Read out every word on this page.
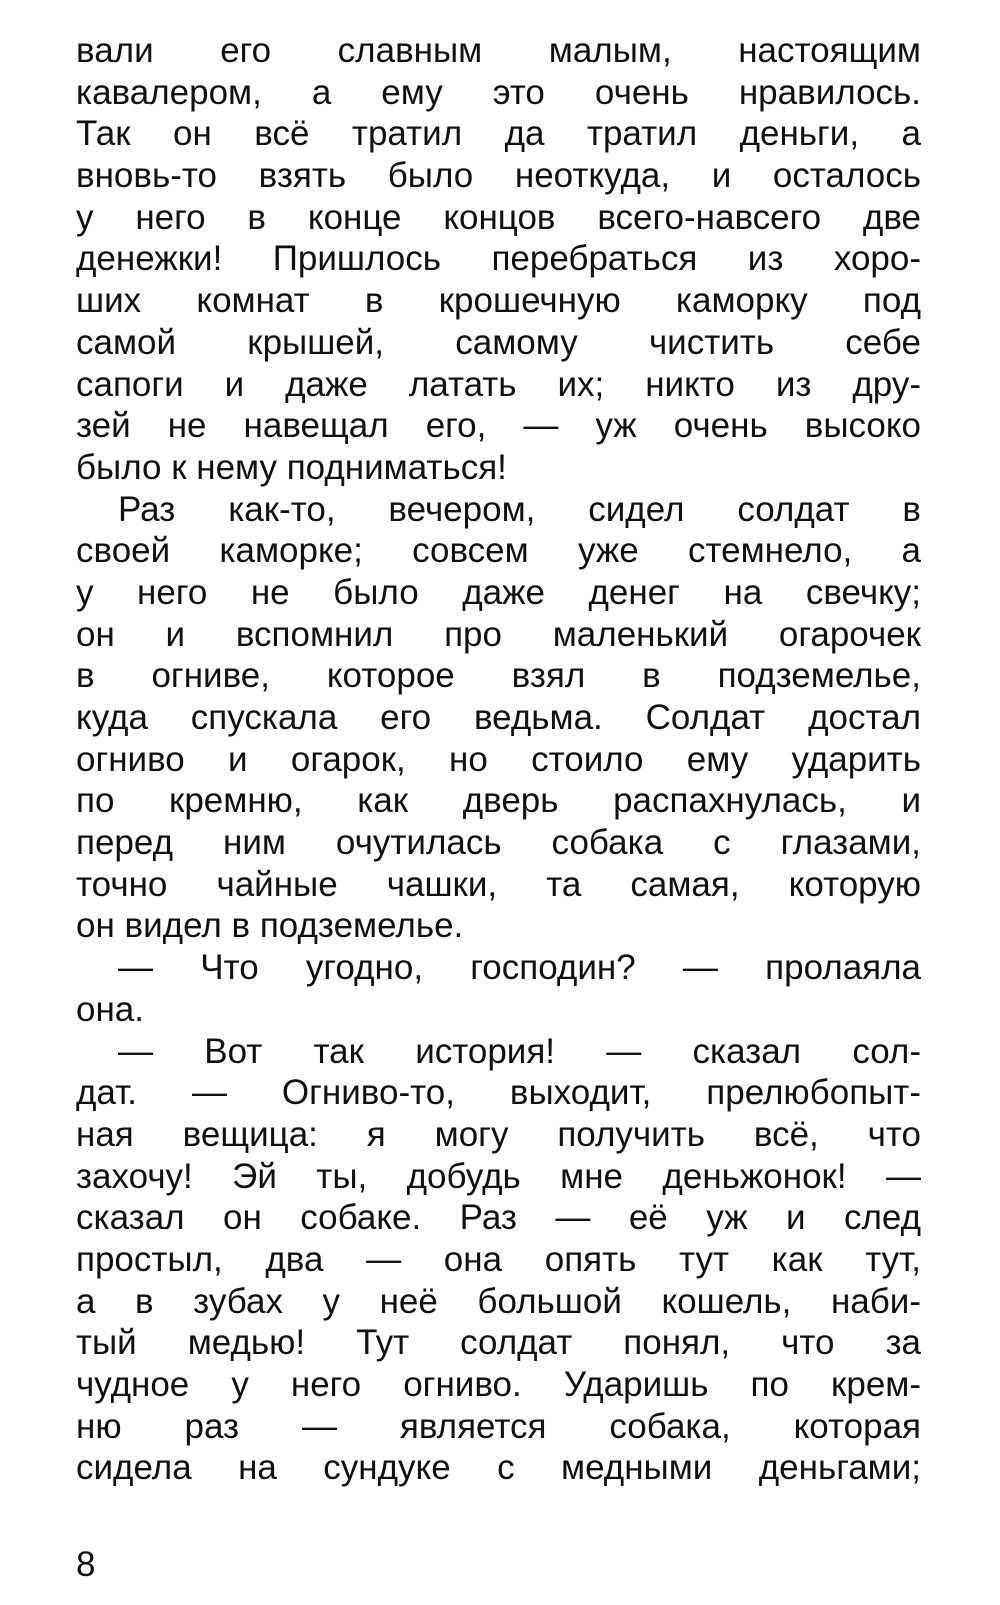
вали его славным малым, настоящим
кавалером, а ему это очень нравилось.
Так он всё тратил да тратил деньги, а
вновь-то взять было неоткуда, и осталось
у него в конце концов всего-навсего две
денежки! Пришлось перебраться из хоро-
ших комнат в крошечную каморку под
самой крышей, самому чистить себе
сапоги и даже латать их; никто из дру-
зей не навещал его, — уж очень высоко
было к нему подниматься!
Раз как-то, вечером, сидел солдат в
своей каморке; совсем уже стемнело, а
у него не было даже денег на свечку;
он и вспомнил про маленький огарочек
в огниве, которое взял в подземелье,
куда спускала его ведьма. Солдат достал
огниво и огарок, но стоило ему ударить
по кремню, как дверь распахнулась, и
перед ним очутилась собака с глазами,
точно чайные чашки, та самая, которую
он видел в подземелье.
— Что угодно, господин? — пролаяла
она.
— Вот так история! — сказал сол-
дат. — Огниво-то, выходит, прелюбопыт-
ная вещица: я могу получить всё, что
захочу! Эй ты, добудь мне деньжонок! —
сказал он собаке. Раз — её уж и след
простыл, два — она опять тут как тут,
а в зубах у неё большой кошель, наби-
тый медью! Тут солдат понял, что за
чудное у него огниво. Ударишь по крем-
ню раз — является собака, которая
сидела на сундуке с медными деньгами;
8
